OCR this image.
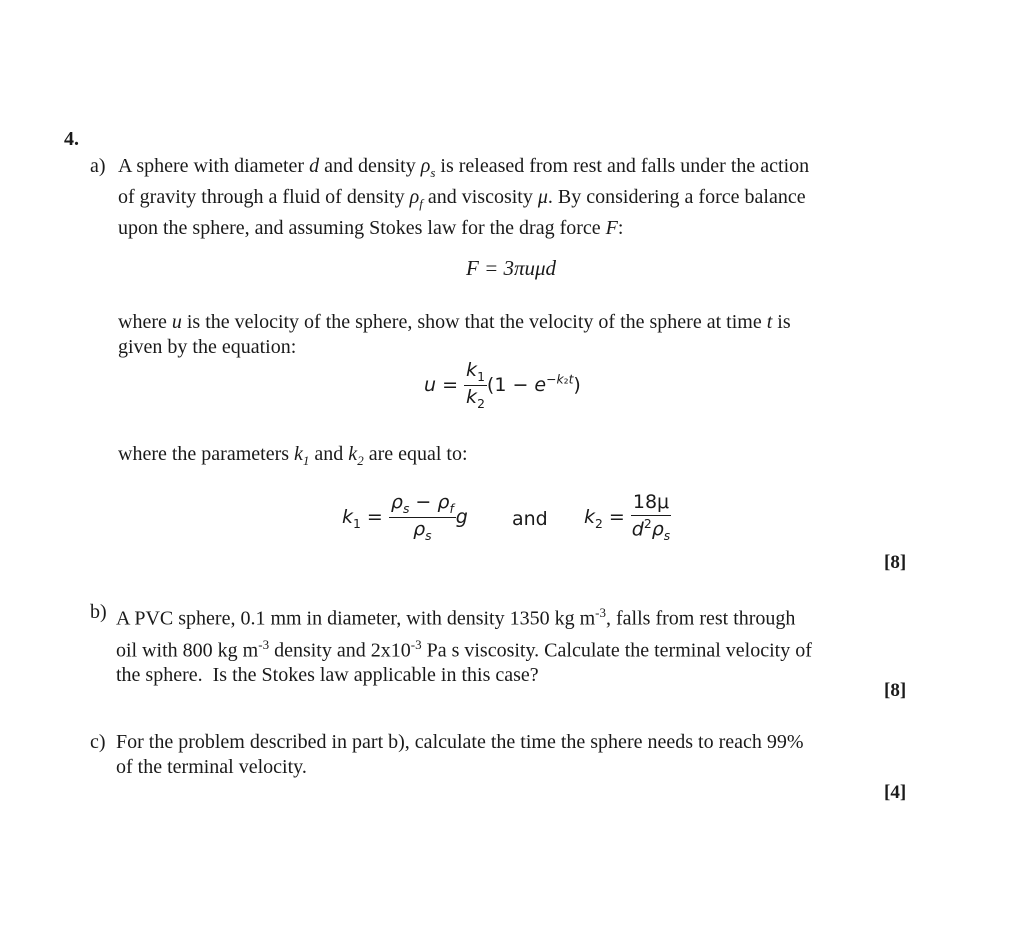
4.
a) A sphere with diameter d and density $\rho_s$ is released from rest and falls under the action
of gravity through a fluid of density $\rho_f$ and viscosity μ. By considering a force balance
upon the sphere, and assuming Stokes law for the drag force F:
F = 3πuμd
where u is the velocity of the sphere, show that the velocity of the sphere at time t is
given by the equation:
$u = \frac{k_1}{k_2} (1 - e^{-k_2t})$
where the parameters $k_1$ and $k_2$ are equal to:
$k_1 = \frac{\rho_s - \rho_f}{\rho_s}$ g and $k_2 = \frac{18\mu}{d^2\rho_s}$
[8]
b) A PVC sphere, 0.1 mm in diameter, with density 1350 kg $m^{-3}$, falls from rest through
oil with 800 kg $m^{-3}$ density and $2x10^{-3}$ Pa s viscosity. Calculate the terminal velocity of
the sphere.  Is the Stokes law applicable in this case?
[8]
c) For the problem described in part b), calculate the time the sphere needs to reach 99%
of the terminal velocity.
[4]
